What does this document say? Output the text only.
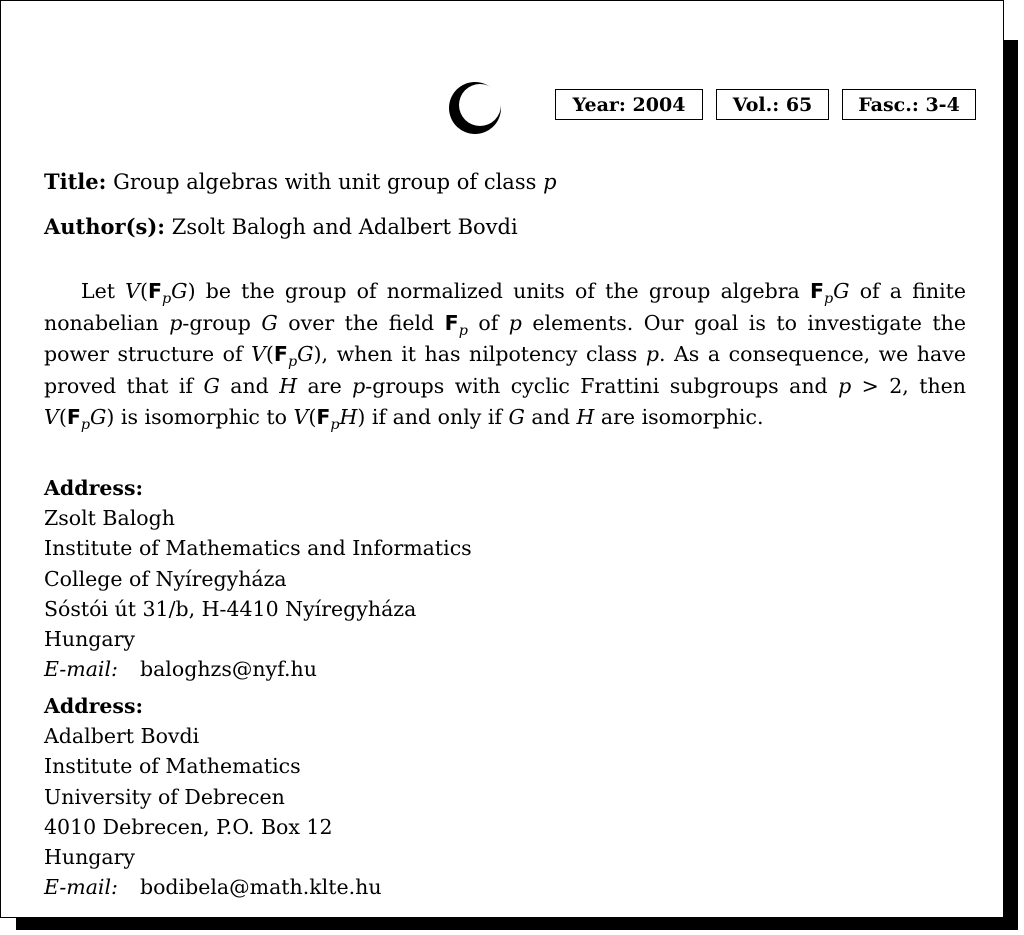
Year: 2004	Vol.: 65	Fasc.: 3-4
Title: Group algebras with unit group of class p
Author(s): Zsolt Balogh and Adalbert Bovdi
Let $V(F_pG)$ be the group of normalized units of the group algebra $F_pG$ of a finite nonabelian p-group G over the field $F_p$ of p elements. Our goal is to investigate the power structure of $V(F_pG)$, when it has nilpotency class p. As a consequence, we have proved that if G and H are p-groups with cyclic Frattini subgroups and p > 2, then $V(F_pG)$ is isomorphic to $V(F_pH)$ if and only if G and H are isomorphic.
Address:
Zsolt Balogh
Institute of Mathematics and Informatics
College of Nyíregyháza
Sóstói út 31/b, H-4410 Nyíregyháza
Hungary
E-mail: baloghzs@nyf.hu
Address:
Adalbert Bovdi
Institute of Mathematics
University of Debrecen
4010 Debrecen, P.O. Box 12
Hungary
E-mail: bodibela@math.klte.hu
